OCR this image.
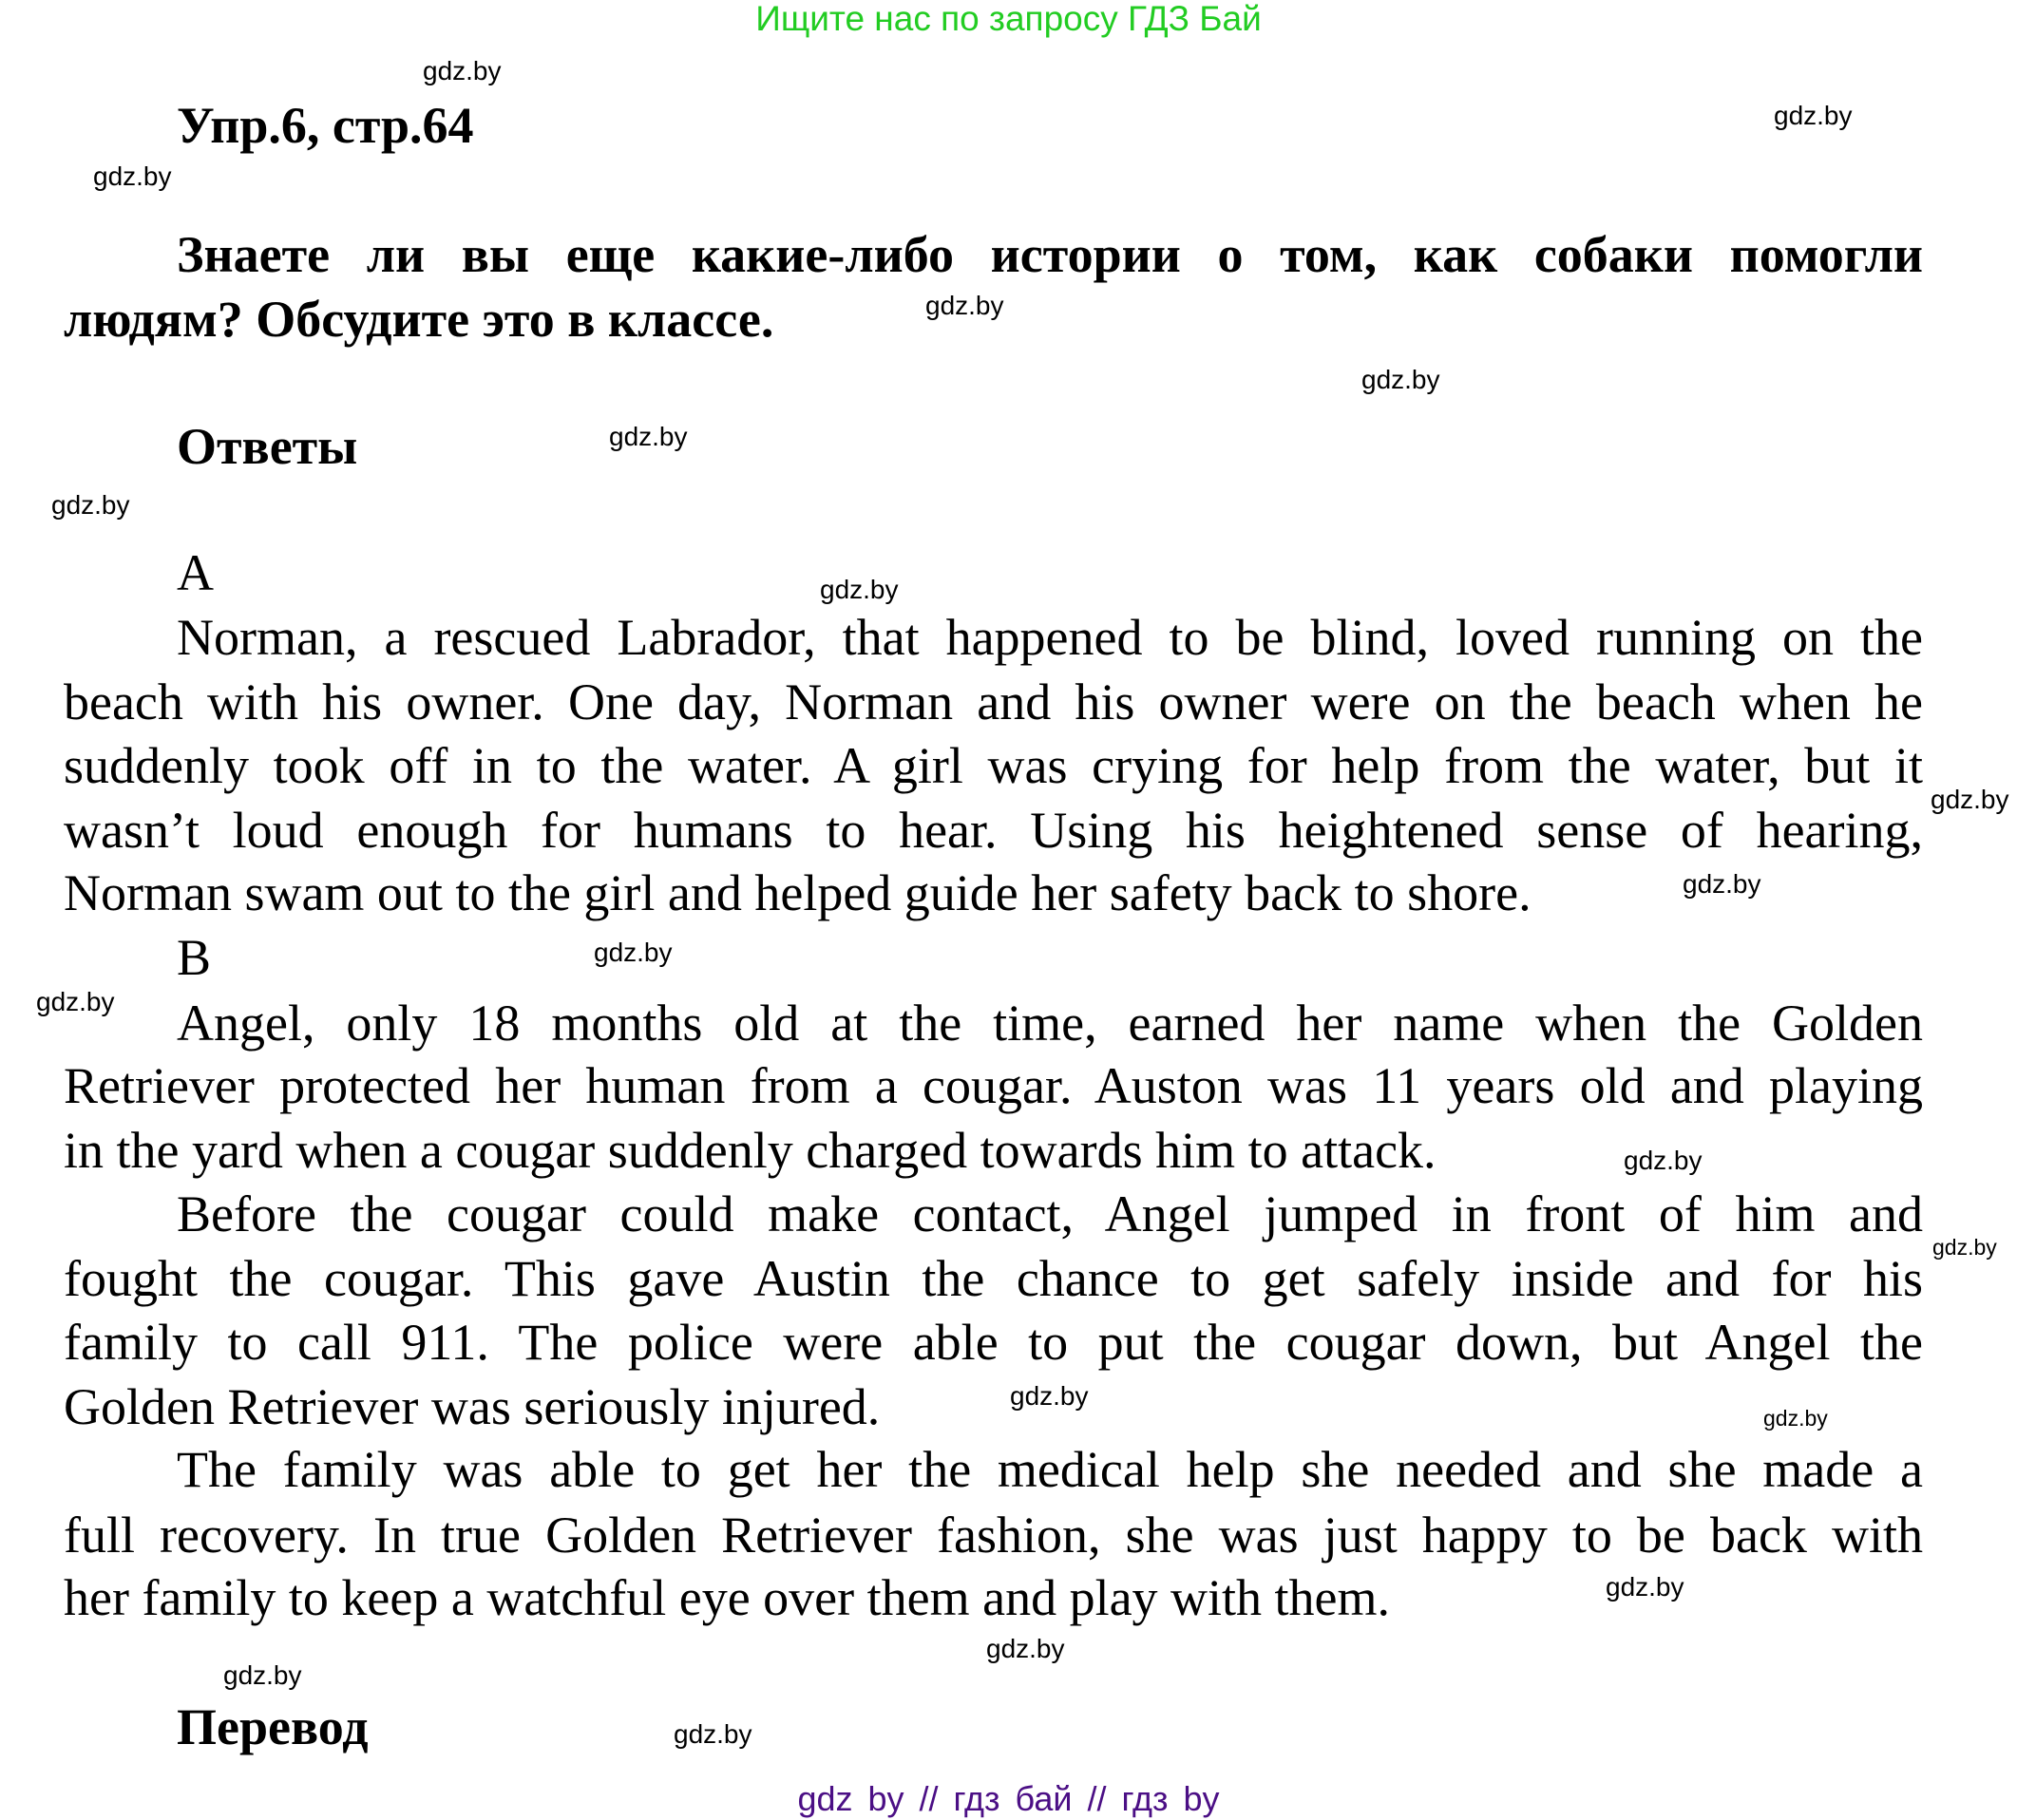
Ищите нас по запросу ГДЗ Бай
Упр.6, стр.64
Знаете ли вы еще какие-либо истории о том, как собаки помогли
людям? Обсудите это в классе.
Ответы
A
Norman, a rescued Labrador, that happened to be blind, loved running on the
beach with his owner. One day, Norman and his owner were on the beach when he
suddenly took off in to the water. A girl was crying for help from the water, but it
wasn’t loud enough for humans to hear. Using his heightened sense of hearing,
Norman swam out to the girl and helped guide her safety back to shore.
B
Angel, only 18 months old at the time, earned her name when the Golden
Retriever protected her human from a cougar. Auston was 11 years old and playing
in the yard when a cougar suddenly charged towards him to attack.
Before the cougar could make contact, Angel jumped in front of him and
fought the cougar. This gave Austin the chance to get safely inside and for his
family to call 911. The police were able to put the cougar down, but Angel the
Golden Retriever was seriously injured.
The family was able to get her the medical help she needed and she made a
full recovery. In true Golden Retriever fashion, she was just happy to be back with
her family to keep a watchful eye over them and play with them.
Перевод
gdz.by
gdz.by
gdz.by
gdz.by
gdz.by
gdz.by
gdz.by
gdz.by
gdz.by
gdz.by
gdz.by
gdz.by
gdz.by
gdz.by
gdz.by
gdz.by
gdz.by
gdz.by
gdz.by
gdz.by
gdz by // гдз бай // гдз by
